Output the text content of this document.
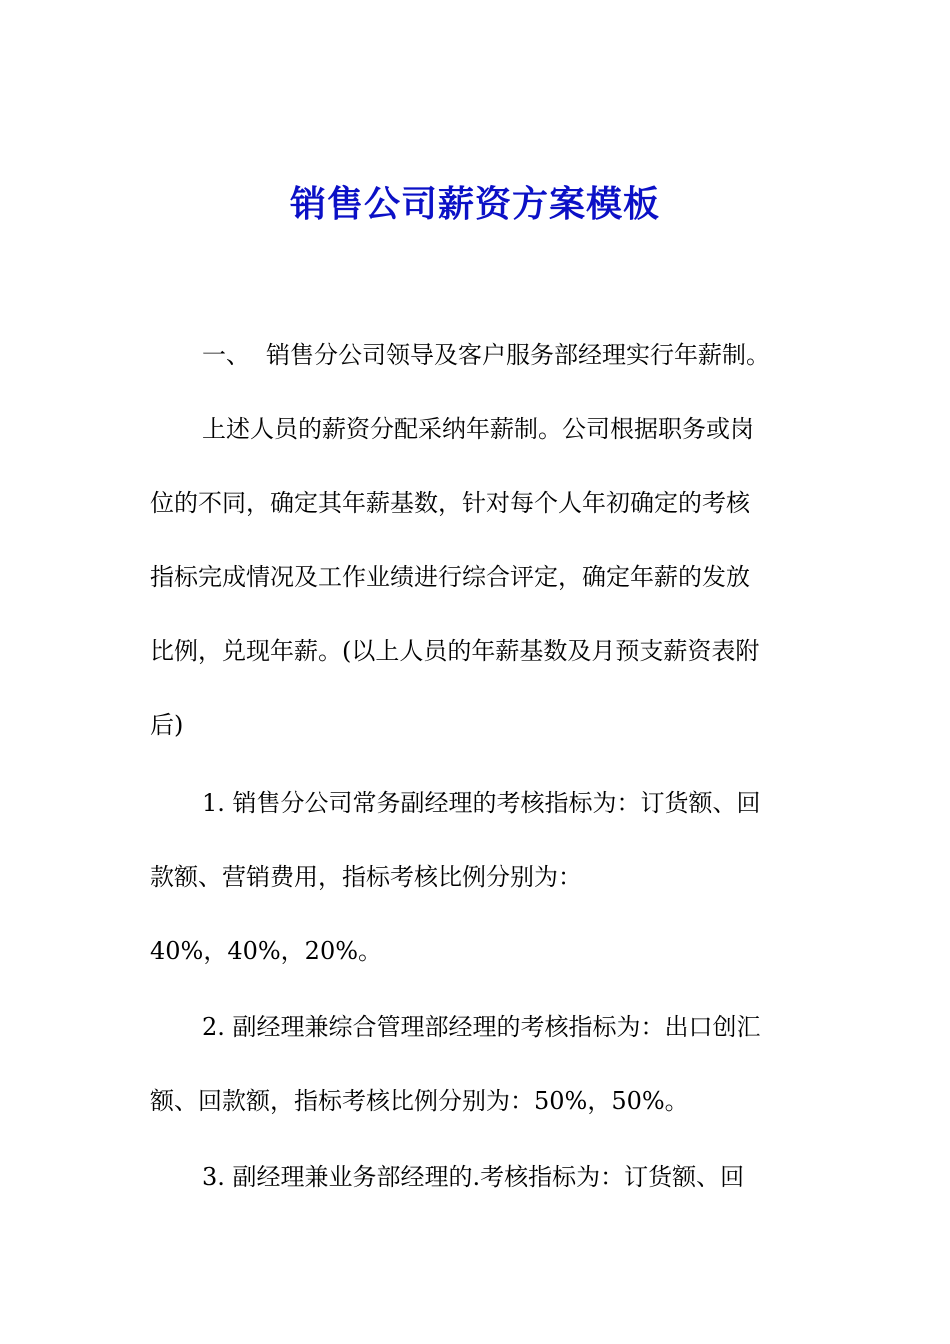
销售公司薪资方案模板

一、 销售分公司领导及客户服务部经理实行年薪制。

上述人员的薪资分配采纳年薪制。公司根据职务或岗

位的不同，确定其年薪基数，针对每个人年初确定的考核

指标完成情况及工作业绩进行综合评定，确定年薪的发放

比例，兑现年薪。(以上人员的年薪基数及月预支薪资表附

后)

1. 销售分公司常务副经理的考核指标为：订货额、回

款额、营销费用，指标考核比例分别为：

40%，40%，20%。

2. 副经理兼综合管理部经理的考核指标为：出口创汇

额、回款额，指标考核比例分别为：50%，50%。

3. 副经理兼业务部经理的.考核指标为：订货额、回
